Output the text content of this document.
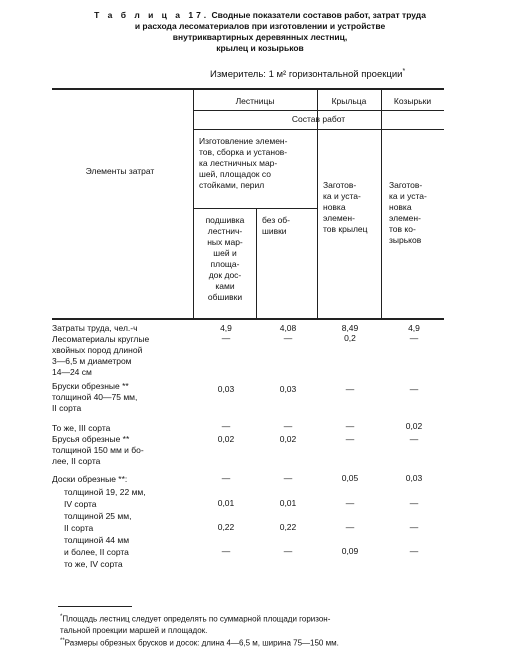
Т а б л и ц а 17. Сводные показатели составов работ, затрат труда
и расхода лесоматериалов при изготовлении и устройстве
внутриквартирных деревянных лестниц,
крылец и козырьков
Измеритель: 1 м² горизонтальной проекции*
Элементы затрат
Лестницы	Крыльца	Козырьки
Состав работ
Изготовление элемен-
тов, сборка и установ-
ка лестничных мар-
шей, площадок со
стойками, перил	Заготов-
ка и уста-
новка
элемен-
тов крылец
Заготов-
ка и уста-
новка
элемен-
тов ко-
зырьков
подшивка
лестнич-
ных мар-
шей и
площа-
док дос-
ками
обшивки
без об-
шивки
Затраты труда, чел.-ч	4,9	4,08	8,49	4,9
Лесоматериалы круглые
хвойных пород длиной
3—6,5 м диаметром
14—24 см
—	—	0,2	—
Бруски обрезные **
толщиной 40—75 мм,
II сорта
0,03	0,03	—	—
То же, III сорта	—	—	—	0,02
Брусья обрезные **
толщиной 150 мм и бо-
лее, II сорта
0,02	0,02	—	—
Доски обрезные **:	—	—	0,05	0,03
толщиной 19, 22 мм,
IV сорта	0,01	0,01	—	—
толщиной 25 мм,
II сорта	0,22	0,22	—	—
толщиной 44 мм
и более, II сорта	—	—	0,09	—
то же, IV сорта
*Площадь лестниц следует определять по суммарной площади горизон-
тальной проекции маршей и площадок.
**Размеры обрезных брусков и досок: длина 4—6,5 м, ширина 75—150 мм.
